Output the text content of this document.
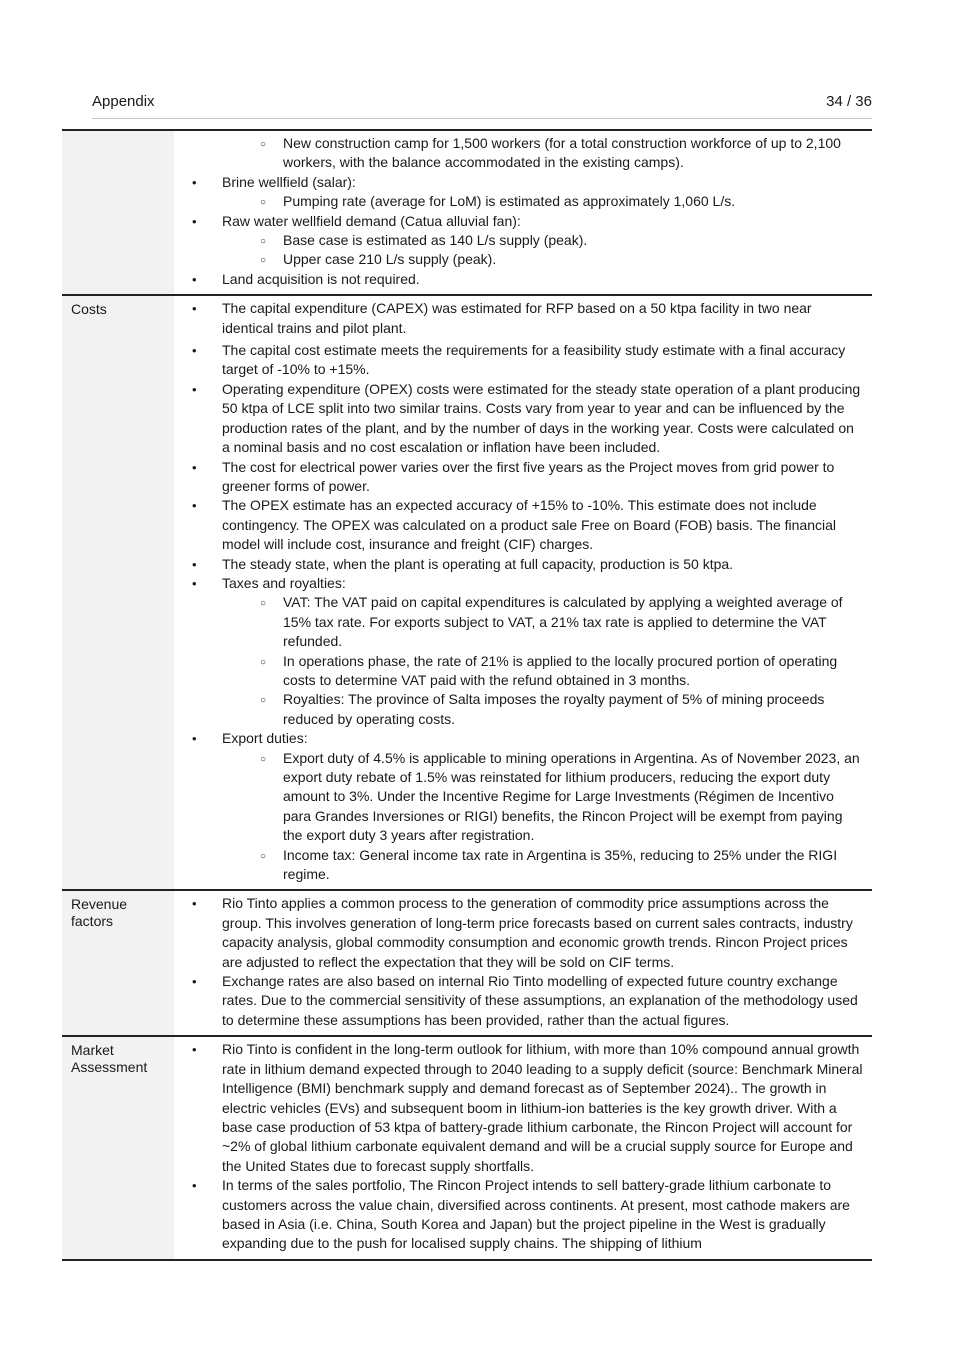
Appendix	34 / 36
○ New construction camp for 1,500 workers (for a total construction workforce of up to 2,100 workers, with the balance accommodated in the existing camps).
• Brine wellfield (salar):
○ Pumping rate (average for LoM) is estimated as approximately 1,060 L/s.
• Raw water wellfield demand (Catua alluvial fan):
○ Base case is estimated as 140 L/s supply (peak).
○ Upper case 210 L/s supply (peak).
• Land acquisition is not required.
Costs
•	The capital expenditure (CAPEX) was estimated for RFP based on a 50 ktpa facility in two near identical trains and pilot plant.
• The capital cost estimate meets the requirements for a feasibility study estimate with a final accuracy target of -10% to +15%.
• Operating expenditure (OPEX) costs were estimated for the steady state operation of a plant producing 50 ktpa of LCE split into two similar trains. Costs vary from year to year and can be influenced by the production rates of the plant, and by the number of days in the working year. Costs were calculated on a nominal basis and no cost escalation or inflation have been included.
• The cost for electrical power varies over the first five years as the Project moves from grid power to greener forms of power.
• The OPEX estimate has an expected accuracy of +15% to -10%. This estimate does not include contingency. The OPEX was calculated on a product sale Free on Board (FOB) basis. The financial model will include cost, insurance and freight (CIF) charges.
• The steady state, when the plant is operating at full capacity, production is 50 ktpa.
• Taxes and royalties:
○ VAT: The VAT paid on capital expenditures is calculated by applying a weighted average of 15% tax rate. For exports subject to VAT, a 21% tax rate is applied to determine the VAT refunded.
○ In operations phase, the rate of 21% is applied to the locally procured portion of operating costs to determine VAT paid with the refund obtained in 3 months.
○ Royalties: The province of Salta imposes the royalty payment of 5% of mining proceeds reduced by operating costs.
• Export duties:
○ Export duty of 4.5% is applicable to mining operations in Argentina. As of November 2023, an export duty rebate of 1.5% was reinstated for lithium producers, reducing the export duty amount to 3%. Under the Incentive Regime for Large Investments (Régimen de Incentivo para Grandes Inversiones or RIGI) benefits, the Rincon Project will be exempt from paying the export duty 3 years after registration.
○ Income tax: General income tax rate in Argentina is 35%, reducing to 25% under the RIGI regime.
Revenue factors
• Rio Tinto applies a common process to the generation of commodity price assumptions across the group. This involves generation of long-term price forecasts based on current sales contracts, industry capacity analysis, global commodity consumption and economic growth trends. Rincon Project prices are adjusted to reflect the expectation that they will be sold on CIF terms.
• Exchange rates are also based on internal Rio Tinto modelling of expected future country exchange rates. Due to the commercial sensitivity of these assumptions, an explanation of the methodology used to determine these assumptions has been provided, rather than the actual figures.
Market Assessment
• Rio Tinto is confident in the long-term outlook for lithium, with more than 10% compound annual growth rate in lithium demand expected through to 2040 leading to a supply deficit (source: Benchmark Mineral Intelligence (BMI) benchmark supply and demand forecast as of September 2024).. The growth in electric vehicles (EVs) and subsequent boom in lithium-ion batteries is the key growth driver. With a base case production of 53 ktpa of battery-grade lithium carbonate, the Rincon Project will account for ~2% of global lithium carbonate equivalent demand and will be a crucial supply source for Europe and the United States due to forecast supply shortfalls.
• In terms of the sales portfolio, The Rincon Project intends to sell battery-grade lithium carbonate to customers across the value chain, diversified across continents. At present, most cathode makers are based in Asia (i.e. China, South Korea and Japan) but the project pipeline in the West is gradually expanding due to the push for localised supply chains. The shipping of lithium
